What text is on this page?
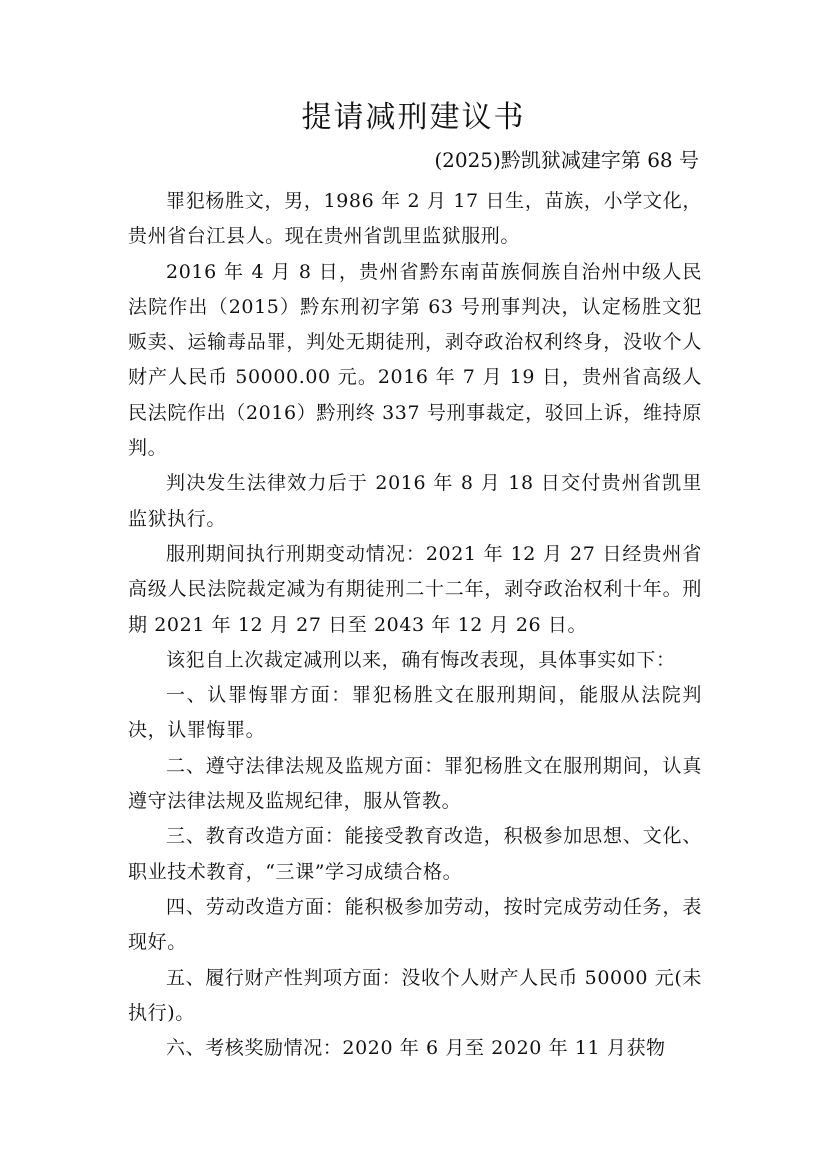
提请减刑建议书
(2025)黔凯狱减建字第 68 号

罪犯杨胜文，男，1986 年 2 月 17 日生，苗族，小学文化，贵州省台江县人。现在贵州省凯里监狱服刑。

2016 年 4 月 8 日，贵州省黔东南苗族侗族自治州中级人民法院作出（2015）黔东刑初字第 63 号刑事判决，认定杨胜文犯贩卖、运输毒品罪，判处无期徒刑，剥夺政治权利终身，没收个人财产人民币 50000.00 元。2016 年 7 月 19 日，贵州省高级人民法院作出（2016）黔刑终 337 号刑事裁定，驳回上诉，维持原判。

判决发生法律效力后于 2016 年 8 月 18 日交付贵州省凯里监狱执行。

服刑期间执行刑期变动情况：2021 年 12 月 27 日经贵州省高级人民法院裁定减为有期徒刑二十二年，剥夺政治权利十年。刑期 2021 年 12 月 27 日至 2043 年 12 月 26 日。

该犯自上次裁定减刑以来，确有悔改表现，具体事实如下：

一、认罪悔罪方面：罪犯杨胜文在服刑期间，能服从法院判决，认罪悔罪。

二、遵守法律法规及监规方面：罪犯杨胜文在服刑期间，认真遵守法律法规及监规纪律，服从管教。

三、教育改造方面：能接受教育改造，积极参加思想、文化、职业技术教育，“三课”学习成绩合格。

四、劳动改造方面：能积极参加劳动，按时完成劳动任务，表现好。

五、履行财产性判项方面：没收个人财产人民币 50000 元(未执行)。

六、考核奖励情况：2020 年 6 月至 2020 年 11 月获物
